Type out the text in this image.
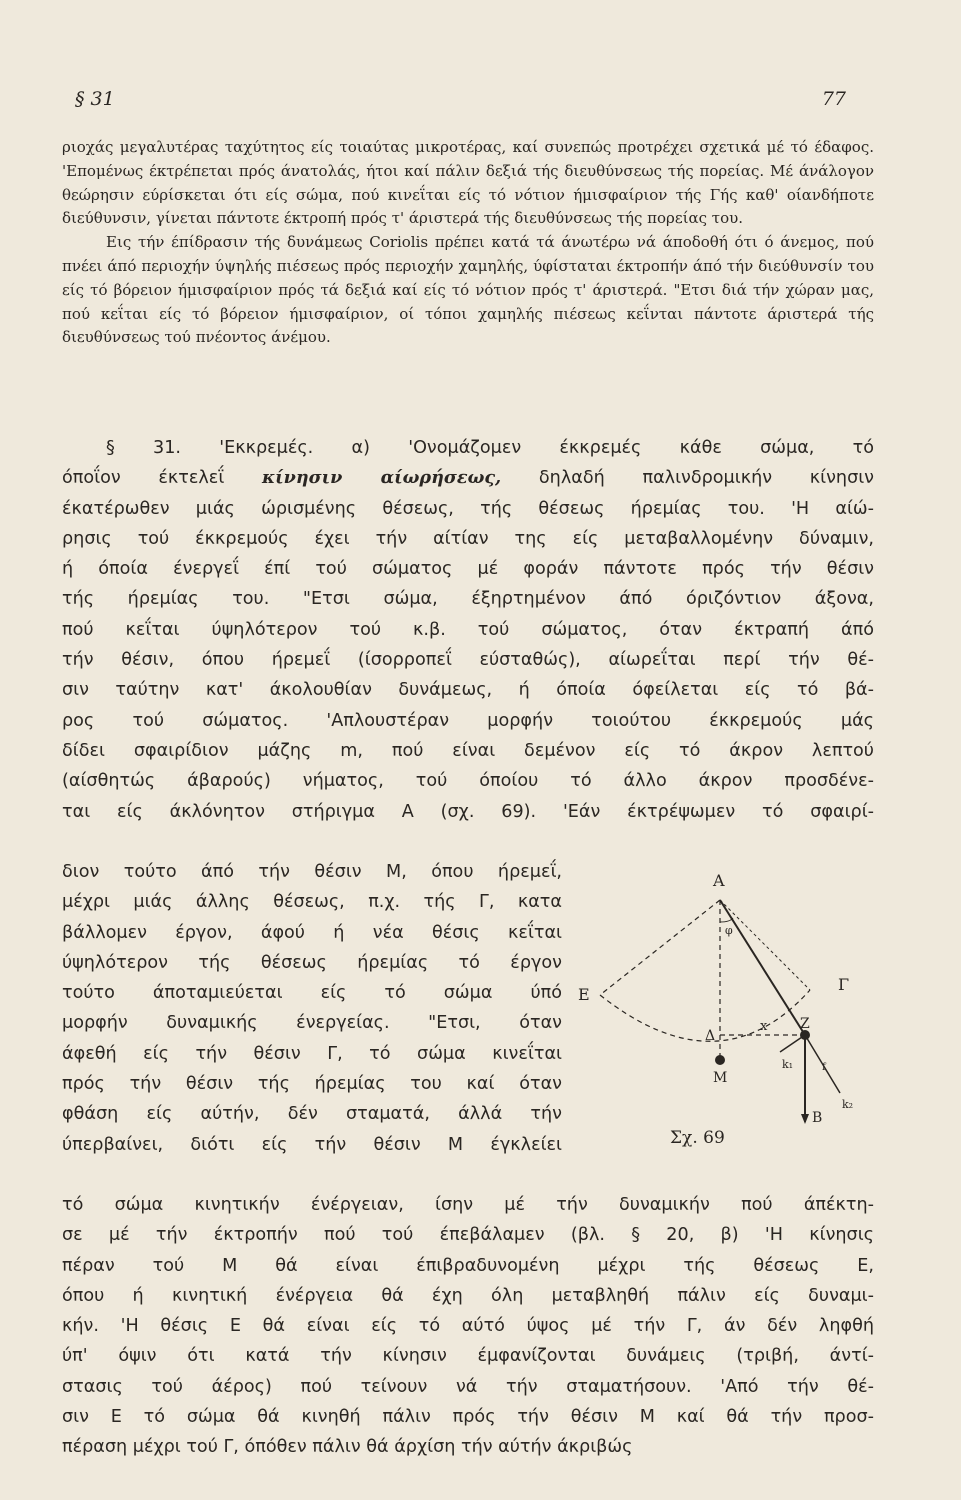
§ 31	77

ριοχάς μεγαλυτέρας ταχύτητος είς τοιαύτας μικροτέρας, καί συνεπώς προτρέχει σχετικά μέ τό έδαφος. 'Επομένως έκτρέπεται πρός άνατολάς, ήτοι καί πάλιν δεξιά τής διευθύνσεως τής πορείας. Μέ άνάλογον θεώρησιν εύρίσκεται ότι είς σώμα, πού κινεΐται είς τό νότιον ήμισφαίριον τής Γής καθ' οίανδήποτε διεύθυνσιν, γίνεται πάντοτε έκτροπή πρός τ' άριστερά τής διευθύνσεως τής πορείας του.

Εις τήν έπίδρασιν τής δυνάμεως Coriolis πρέπει κατά τά άνωτέρω νά άποδοθή ότι ό άνεμος, πού πνέει άπό περιοχήν ύψηλής πιέσεως πρός περιοχήν χαμηλής, ύφίσταται έκτροπήν άπό τήν διεύθυνσίν του είς τό βόρειον ήμισφαίριον πρός τά δεξιά καί είς τό νότιον πρός τ' άριστερά. "Ετσι διά τήν χώραν μας, πού κεΐται είς τό βόρειον ήμισφαίριον, οί τόποι χαμηλής πιέσεως κεΐνται πάντοτε άριστερά τής διευθύνσεως τού πνέοντος άνέμου.

§ 31. 'Εκκρεμές. α) 'Ονομάζομεν έκκρεμές κάθε σώμα, τό
όποΐον έκτελεΐ κίνησιν αίωρήσεως, δηλαδή παλινδρομικήν κίνησιν
έκατέρωθεν μιάς ώρισμένης θέσεως, τής θέσεως ήρεμίας του. 'Η αίώ-
ρησις τού έκκρεμούς έχει τήν αίτίαν της είς μεταβαλλομένην δύναμιν,
ή όποία ένεργεΐ έπί τού σώματος μέ φοράν πάντοτε πρός τήν θέσιν
τής ήρεμίας του. "Ετσι σώμα, έξηρτημένον άπό όριζόντιον άξονα,
πού κεΐται ύψηλότερον τού κ.β. τού σώματος, όταν έκτραπή άπό
τήν θέσιν, όπου ήρεμεΐ (ίσορροπεΐ εύσταθώς), αίωρεΐται περί τήν θέ-
σιν ταύτην κατ' άκολουθίαν δυνάμεως, ή όποία όφείλεται είς τό βά-
ρος τού σώματος. 'Απλουστέραν μορφήν τοιούτου έκκρεμούς μάς
δίδει σφαιρίδιον μάζης m, πού είναι δεμένον είς τό άκρον λεπτού
(αίσθητώς άβαρούς) νήματος, τού όποίου τό άλλο άκρον προσδένε-
ται είς άκλόνητον στήριγμα Α (σχ. 69). 'Εάν έκτρέψωμεν τό σφαιρί-
διον τούτο άπό τήν θέσιν Μ, όπου ήρεμεΐ,
μέχρι μιάς άλλης θέσεως, π.χ. τής Γ, κατα
βάλλομεν έργον, άφού ή νέα θέσις κεΐται
ύψηλότερον τής θέσεως ήρεμίας τό έργον
τούτο άποταμιεύεται είς τό σώμα ύπό
μορφήν δυναμικής ένεργείας. "Ετσι, όταν
άφεθή είς τήν θέσιν Γ, τό σώμα κινεΐται
πρός τήν θέσιν τής ήρεμίας του καί όταν
φθάση είς αύτήν, δέν σταματά, άλλά τήν
ύπερβαίνει, διότι είς τήν θέσιν Μ έγκλείει
τό σώμα κινητικήν ένέργειαν, ίσην μέ τήν δυναμικήν πού άπέκτη-
σε μέ τήν έκτροπήν πού τού έπεβάλαμεν (βλ. § 20, β) 'Η κίνησις
πέραν τού Μ θά είναι έπιβραδυνομένη μέχρι τής θέσεως Ε,
όπου ή κινητική ένέργεια θά έχη όλη μεταβληθή πάλιν είς δυναμι-
κήν. 'Η θέσις Ε θά είναι είς τό αύτό ύψος μέ τήν Γ, άν δέν ληφθή
ύπ' όψιν ότι κατά τήν κίνησιν έμφανίζονται δυνάμεις (τριβή, άντί-
στασις τού άέρος) πού τείνουν νά τήν σταματήσουν. 'Από τήν θέ-
σιν Ε τό σώμα θά κινηθή πάλιν πρός τήν θέσιν Μ καί θά τήν προσ-
πέραση μέχρι τού Γ, όπόθεν πάλιν θά άρχίση τήν αύτήν άκριβώς
Α
Ε
Γ
Ζ
Δ
Μ
Β
x
φ
k₁
k₂
f
Σχ. 69
